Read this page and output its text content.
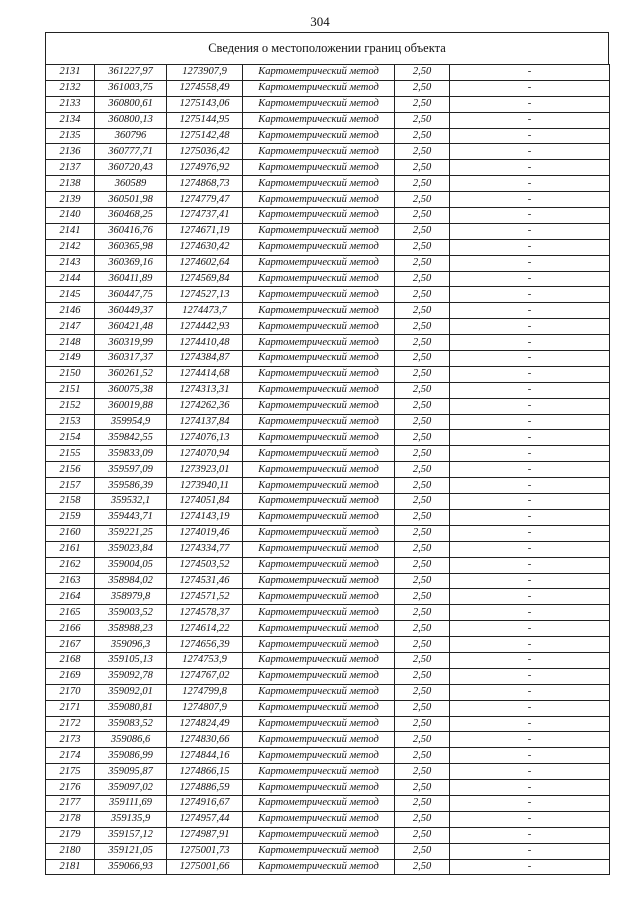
304
Сведения о местоположении границ объекта
2131	361227,97	1273907,9	Картометрический метод	2,50	-
2132	361003,75	1274558,49	Картометрический метод	2,50	-
2133	360800,61	1275143,06	Картометрический метод	2,50	-
2134	360800,13	1275144,95	Картометрический метод	2,50	-
2135	360796	1275142,48	Картометрический метод	2,50	-
2136	360777,71	1275036,42	Картометрический метод	2,50	-
2137	360720,43	1274976,92	Картометрический метод	2,50	-
2138	360589	1274868,73	Картометрический метод	2,50	-
2139	360501,98	1274779,47	Картометрический метод	2,50	-
2140	360468,25	1274737,41	Картометрический метод	2,50	-
2141	360416,76	1274671,19	Картометрический метод	2,50	-
2142	360365,98	1274630,42	Картометрический метод	2,50	-
2143	360369,16	1274602,64	Картометрический метод	2,50	-
2144	360411,89	1274569,84	Картометрический метод	2,50	-
2145	360447,75	1274527,13	Картометрический метод	2,50	-
2146	360449,37	1274473,7	Картометрический метод	2,50	-
2147	360421,48	1274442,93	Картометрический метод	2,50	-
2148	360319,99	1274410,48	Картометрический метод	2,50	-
2149	360317,37	1274384,87	Картометрический метод	2,50	-
2150	360261,52	1274414,68	Картометрический метод	2,50	-
2151	360075,38	1274313,31	Картометрический метод	2,50	-
2152	360019,88	1274262,36	Картометрический метод	2,50	-
2153	359954,9	1274137,84	Картометрический метод	2,50	-
2154	359842,55	1274076,13	Картометрический метод	2,50	-
2155	359833,09	1274070,94	Картометрический метод	2,50	-
2156	359597,09	1273923,01	Картометрический метод	2,50	-
2157	359586,39	1273940,11	Картометрический метод	2,50	-
2158	359532,1	1274051,84	Картометрический метод	2,50	-
2159	359443,71	1274143,19	Картометрический метод	2,50	-
2160	359221,25	1274019,46	Картометрический метод	2,50	-
2161	359023,84	1274334,77	Картометрический метод	2,50	-
2162	359004,05	1274503,52	Картометрический метод	2,50	-
2163	358984,02	1274531,46	Картометрический метод	2,50	-
2164	358979,8	1274571,52	Картометрический метод	2,50	-
2165	359003,52	1274578,37	Картометрический метод	2,50	-
2166	358988,23	1274614,22	Картометрический метод	2,50	-
2167	359096,3	1274656,39	Картометрический метод	2,50	-
2168	359105,13	1274753,9	Картометрический метод	2,50	-
2169	359092,78	1274767,02	Картометрический метод	2,50	-
2170	359092,01	1274799,8	Картометрический метод	2,50	-
2171	359080,81	1274807,9	Картометрический метод	2,50	-
2172	359083,52	1274824,49	Картометрический метод	2,50	-
2173	359086,6	1274830,66	Картометрический метод	2,50	-
2174	359086,99	1274844,16	Картометрический метод	2,50	-
2175	359095,87	1274866,15	Картометрический метод	2,50	-
2176	359097,02	1274886,59	Картометрический метод	2,50	-
2177	359111,69	1274916,67	Картометрический метод	2,50	-
2178	359135,9	1274957,44	Картометрический метод	2,50	-
2179	359157,12	1274987,91	Картометрический метод	2,50	-
2180	359121,05	1275001,73	Картометрический метод	2,50	-
2181	359066,93	1275001,66	Картометрический метод	2,50	-
